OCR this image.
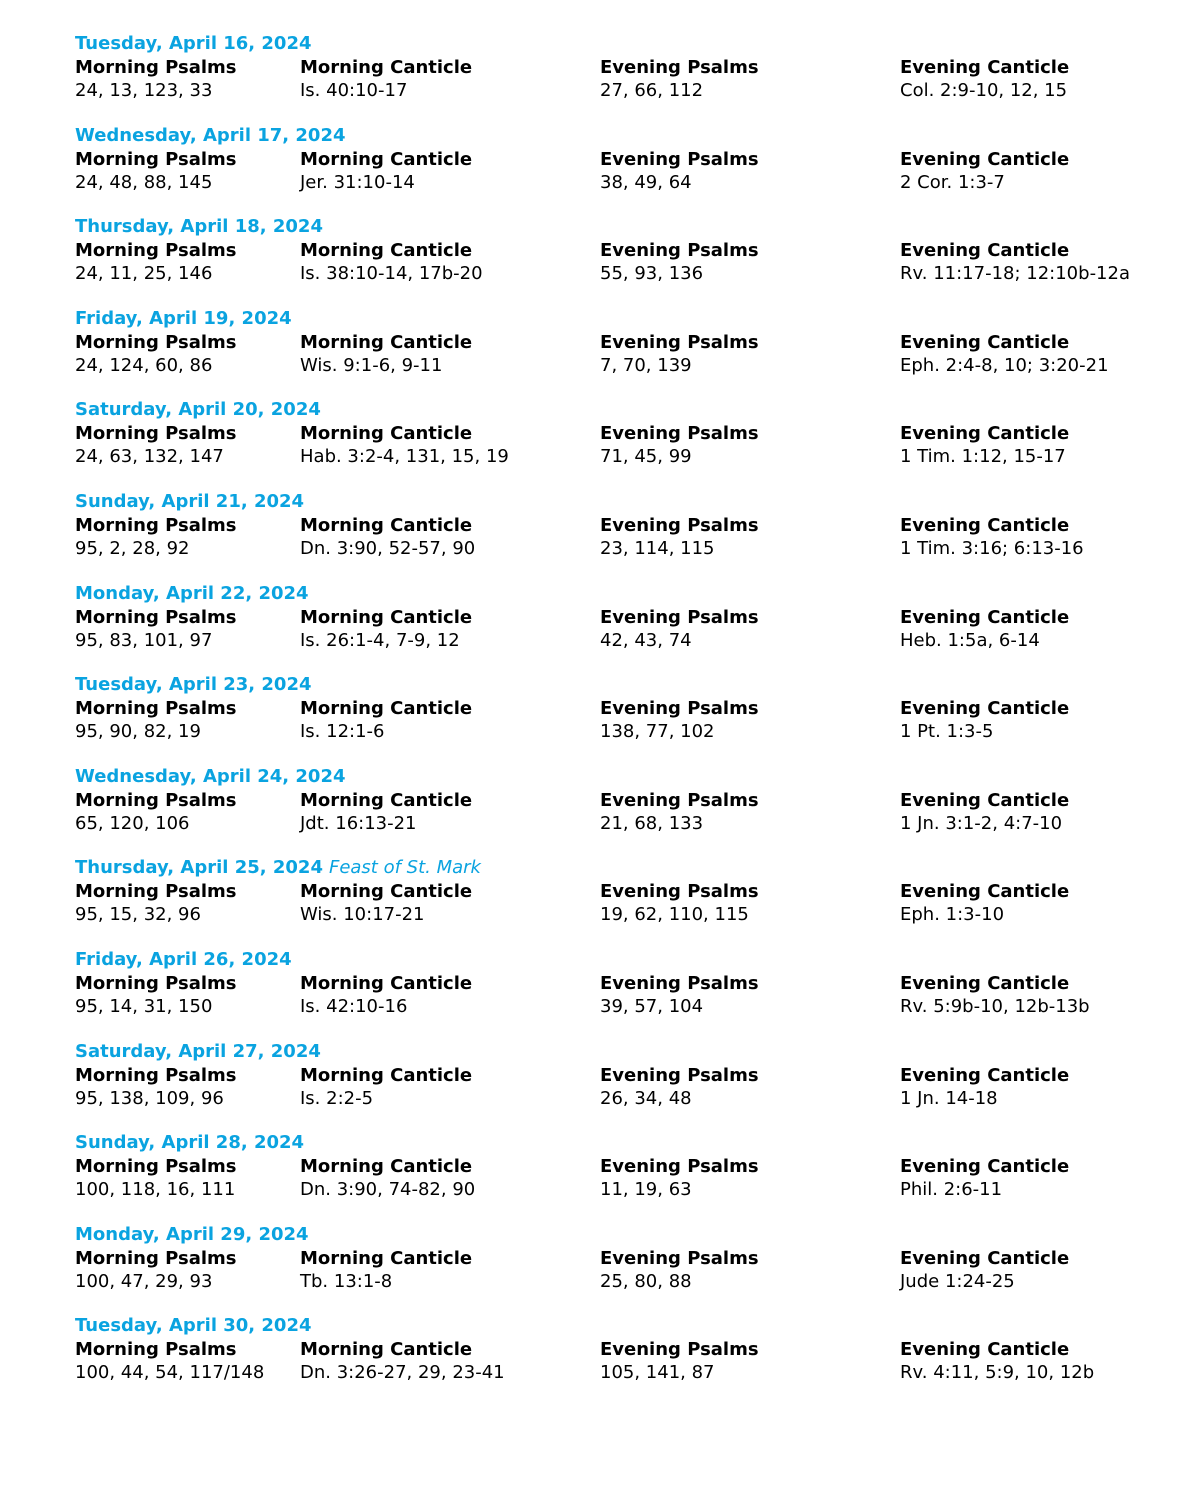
Tuesday, April 16, 2024
Morning Psalms
24, 13, 123, 33
Morning Canticle
Is. 40:10-17
Evening Psalms
27, 66, 112
Evening Canticle
Col. 2:9-10, 12, 15
Wednesday, April 17, 2024
Morning Psalms
24, 48, 88, 145
Morning Canticle
Jer. 31:10-14
Evening Psalms
38, 49, 64
Evening Canticle
2 Cor. 1:3-7
Thursday, April 18, 2024
Morning Psalms
24, 11, 25, 146
Morning Canticle
Is. 38:10-14, 17b-20
Evening Psalms
55, 93, 136
Evening Canticle
Rv. 11:17-18; 12:10b-12a
Friday, April 19, 2024
Morning Psalms
24, 124, 60, 86
Morning Canticle
Wis. 9:1-6, 9-11
Evening Psalms
7, 70, 139
Evening Canticle
Eph. 2:4-8, 10; 3:20-21
Saturday, April 20, 2024
Morning Psalms
24, 63, 132, 147
Morning Canticle
Hab. 3:2-4, 131, 15, 19
Evening Psalms
71, 45, 99
Evening Canticle
1 Tim. 1:12, 15-17
Sunday, April 21, 2024
Morning Psalms
95, 2, 28, 92
Morning Canticle
Dn. 3:90, 52-57, 90
Evening Psalms
23, 114, 115
Evening Canticle
1 Tim. 3:16; 6:13-16
Monday, April 22, 2024
Morning Psalms
95, 83, 101, 97
Morning Canticle
Is. 26:1-4, 7-9, 12
Evening Psalms
42, 43, 74
Evening Canticle
Heb. 1:5a, 6-14
Tuesday, April 23, 2024
Morning Psalms
95, 90, 82, 19
Morning Canticle
Is. 12:1-6
Evening Psalms
138, 77, 102
Evening Canticle
1 Pt. 1:3-5
Wednesday, April 24, 2024
Morning Psalms
65, 120, 106
Morning Canticle
Jdt. 16:13-21
Evening Psalms
21, 68, 133
Evening Canticle
1 Jn. 3:1-2, 4:7-10
Thursday, April 25, 2024 Feast of St. Mark
Morning Psalms
95, 15, 32, 96
Morning Canticle
Wis. 10:17-21
Evening Psalms
19, 62, 110, 115
Evening Canticle
Eph. 1:3-10
Friday, April 26, 2024
Morning Psalms
95, 14, 31, 150
Morning Canticle
Is. 42:10-16
Evening Psalms
39, 57, 104
Evening Canticle
Rv. 5:9b-10, 12b-13b
Saturday, April 27, 2024
Morning Psalms
95, 138, 109, 96
Morning Canticle
Is. 2:2-5
Evening Psalms
26, 34, 48
Evening Canticle
1 Jn. 14-18
Sunday, April 28, 2024
Morning Psalms
100, 118, 16, 111
Morning Canticle
Dn. 3:90, 74-82, 90
Evening Psalms
11, 19, 63
Evening Canticle
Phil. 2:6-11
Monday, April 29, 2024
Morning Psalms
100, 47, 29, 93
Morning Canticle
Tb. 13:1-8
Evening Psalms
25, 80, 88
Evening Canticle
Jude 1:24-25
Tuesday, April 30, 2024
Morning Psalms
100, 44, 54, 117/148
Morning Canticle
Dn. 3:26-27, 29, 23-41
Evening Psalms
105, 141, 87
Evening Canticle
Rv. 4:11, 5:9, 10, 12b
